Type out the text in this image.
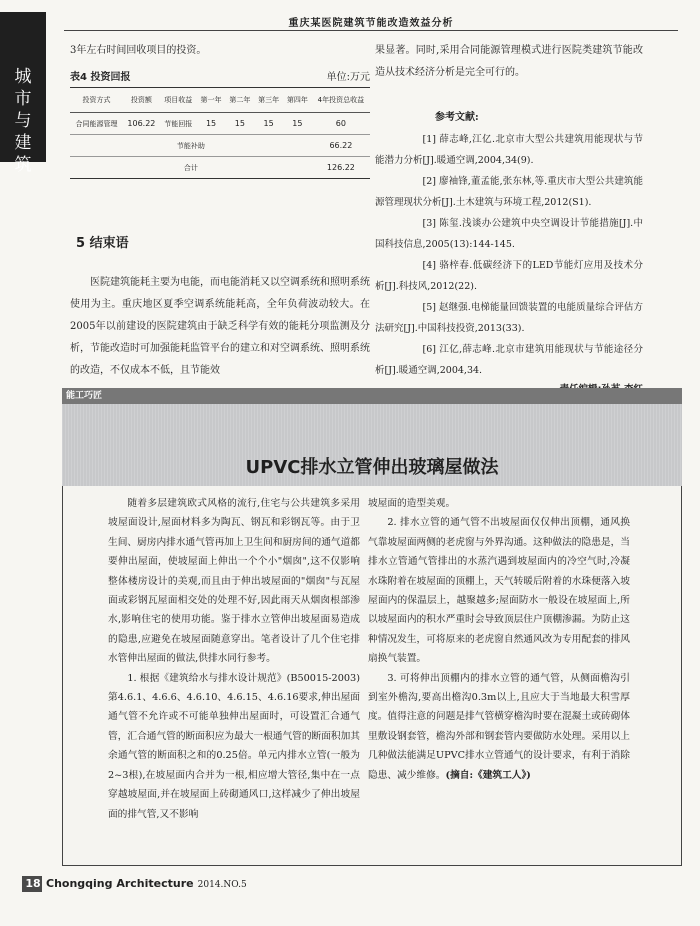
城
市
与
建
筑
重庆某医院建筑节能改造效益分析
3年左右时间回收项目的投资。
表4 投资回报	单位:万元
投资方式	投资额	项目收益	第一年	第二年	第三年	第四年	4年投资总收益
合同能源管理	106.22	节能回报	15	15	15	15	60
节能补助							66.22
合计							126.22
5 结束语
医院建筑能耗主要为电能，而电能消耗又以空调系统和照明系统使用为主。重庆地区夏季空调系统能耗高，全年负荷波动较大。在2005年以前建设的医院建筑由于缺乏科学有效的能耗分项监测及分析，节能改造时可加强能耗监管平台的建立和对空调系统、照明系统的改造，不仅成本不低，且节能效
果显著。同时,采用合同能源管理模式进行医院类建筑节能改造从技术经济分析是完全可行的。
参考文献:
[1] 薛志峰,江亿.北京市大型公共建筑用能现状与节能潜力分析[J].暖通空调,2004,34(9).
[2] 廖袖锋,董孟能,张东林,等.重庆市大型公共建筑能源管理现状分析[J].土木建筑与环境工程,2012(S1).
[3] 陈玺.浅谈办公建筑中央空调设计节能措施[J].中国科技信息,2005(13):144-145.
[4] 骆梓春.低碳经济下的LED节能灯应用及技术分析[J].科技风,2012(22).
[5] 赵继强.电梯能量回馈装置的电能质量综合评估方法研究[J].中国科技投资,2013(33).
[6] 江亿,薛志峰.北京市建筑用能现状与节能途径分析[J].暖通空调,2004,34.
能工巧匠
UPVC排水立管伸出玻璃屋做法

随着多层建筑欧式风格的流行,住宅与公共建筑多采用坡屋面设计,屋面材料多为陶瓦、钢瓦和彩钢瓦等。由于卫生间、厨房内排水通气管再加上卫生间和厨房间的通气道都要伸出屋面，使坡屋面上伸出一个个小"烟囱",这不仅影响整体楼房设计的美观,而且由于伸出坡屋面的"烟囱"与瓦屋面或彩钢瓦屋面相交处的处理不好,因此雨天从烟囱根部渗水,影响住宅的使用功能。鉴于排水立管伸出坡屋面易造成的隐患,应避免在坡屋面随意穿出。笔者设计了几个住宅排水管伸出屋面的做法,供排水同行参考。

1. 根据《建筑给水与排水设计规范》(B50015-2003)第4.6.1、4.6.6、4.6.10、4.6.15、4.6.16要求,伸出屋面通气管不允许或不可能单独伸出屋面时，可设置汇合通气管，汇合通气管的断面积应为最大一根通气管的断面积加其余通气管的断面积之和的0.25倍。单元内排水立管(一般为2~3根),在坡屋面内合并为一根,相应增大管径,集中在一点穿越坡屋面,并在坡屋面上砖砌通风口,这样减少了伸出坡屋面的排气管,又不影响

坡屋面的造型美观。

2. 排水立管的通气管不出坡屋面仅仅伸出顶棚，通风换气靠坡屋面两侧的老虎窗与外界沟通。这种做法的隐患是，当排水立管通气管排出的水蒸汽遇到坡屋面内的冷空气时,冷凝水珠附着在坡屋面的顶棚上，天气转暖后附着的水珠便落入坡屋面内的保温层上，越聚越多;屋面防水一般设在坡屋面上,所以坡屋面内的积水严重时会导致顶层住户顶棚渗漏。为防止这种情况发生，可将原来的老虎窗自然通风改为专用配套的排风扇换气装置。

3. 可将伸出顶棚内的排水立管的通气管，从侧面檐沟引到室外檐沟,要高出檐沟0.3m以上,且应大于当地最大积雪厚度。值得注意的问题是排气管横穿檐沟时要在混凝土或砖砌体里敷设钢套管，檐沟外部和钢套管内要做防水处理。采用以上几种做法能满足UPVC排水立管通气的设计要求，有利于消除隐患、减少维修。(摘自:《建筑工人》)

18 Chongqing Architecture 2014.NO.5
